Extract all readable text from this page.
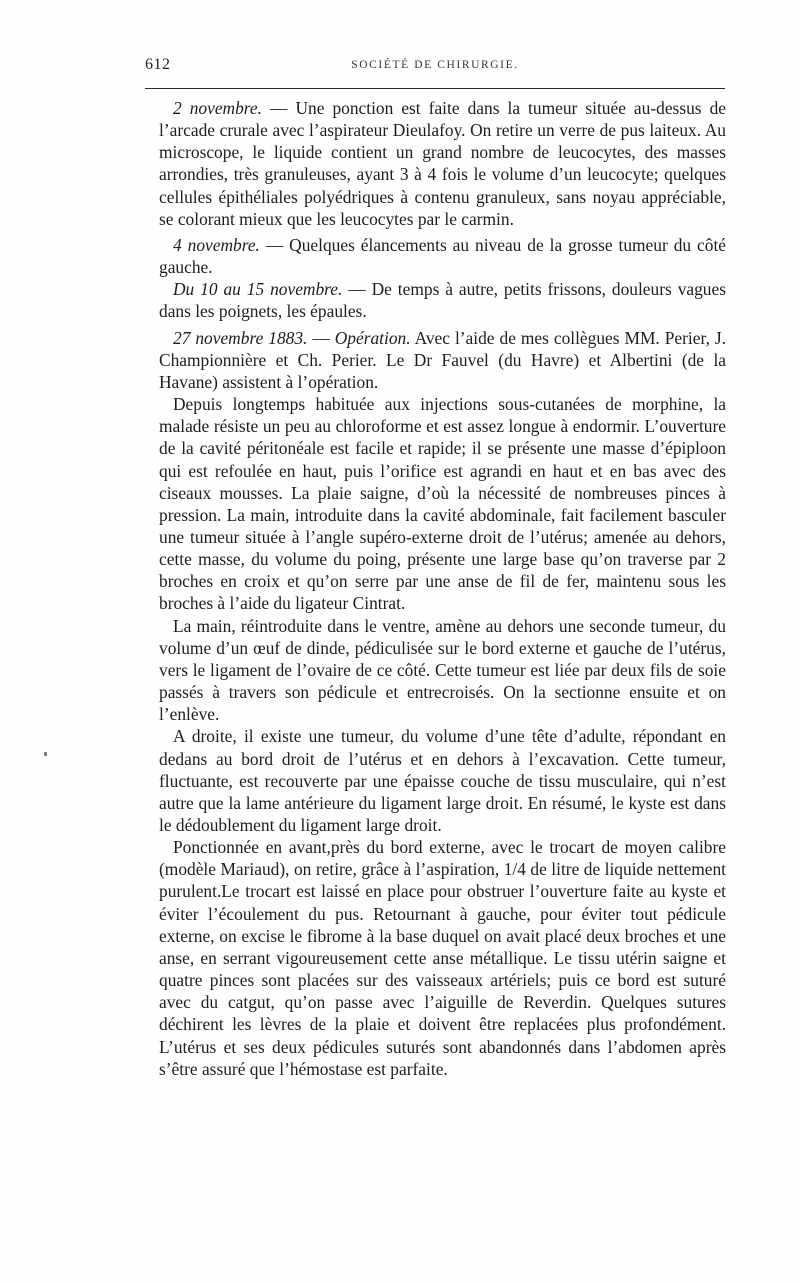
612	SOCIÉTÉ DE CHIRURGIE.

2 novembre. — Une ponction est faite dans la tumeur située au-dessus de l’arcade crurale avec l’aspirateur Dieulafoy. On retire un verre de pus laiteux. Au microscope, le liquide contient un grand nombre de leucocytes, des masses arrondies, très granuleuses, ayant 3 à 4 fois le volume d’un leucocyte; quelques cellules épithéliales polyédriques à contenu granuleux, sans noyau appréciable, se colorant mieux que les leucocytes par le carmin.

4 novembre. — Quelques élancements au niveau de la grosse tumeur du côté gauche.

Du 10 au 15 novembre. — De temps à autre, petits frissons, douleurs vagues dans les poignets, les épaules.

27 novembre 1883. — Opération. Avec l’aide de mes collègues MM. Perier, J. Championnière et Ch. Perier. Le Dr Fauvel (du Havre) et Albertini (de la Havane) assistent à l’opération.

Depuis longtemps habituée aux injections sous-cutanées de morphine, la malade résiste un peu au chloroforme et est assez longue à endormir. L’ouverture de la cavité péritonéale est facile et rapide; il se présente une masse d’épiploon qui est refoulée en haut, puis l’orifice est agrandi en haut et en bas avec des ciseaux mousses. La plaie saigne, d’où la nécessité de nombreuses pinces à pression. La main, introduite dans la cavité abdominale, fait facilement basculer une tumeur située à l’angle supéro-externe droit de l’utérus; amenée au dehors, cette masse, du volume du poing, présente une large base qu’on traverse par 2 broches en croix et qu’on serre par une anse de fil de fer, maintenu sous les broches à l’aide du ligateur Cintrat.

La main, réintroduite dans le ventre, amène au dehors une seconde tumeur, du volume d’un œuf de dinde, pédiculisée sur le bord externe et gauche de l’utérus, vers le ligament de l’ovaire de ce côté. Cette tumeur est liée par deux fils de soie passés à travers son pédicule et entrecroisés. On la sectionne ensuite et on l’enlève.

A droite, il existe une tumeur, du volume d’une tête d’adulte, répondant en dedans au bord droit de l’utérus et en dehors à l’excavation. Cette tumeur, fluctuante, est recouverte par une épaisse couche de tissu musculaire, qui n’est autre que la lame antérieure du ligament large droit. En résumé, le kyste est dans le dédoublement du ligament large droit.

Ponctionnée en avant,près du bord externe, avec le trocart de moyen calibre (modèle Mariaud), on retire, grâce à l’aspiration, 1/4 de litre de liquide nettement purulent.Le trocart est laissé en place pour obstruer l’ouverture faite au kyste et éviter l’écoulement du pus. Retournant à gauche, pour éviter tout pédicule externe, on excise le fibrome à la base duquel on avait placé deux broches et une anse, en serrant vigoureusement cette anse métallique. Le tissu utérin saigne et quatre pinces sont placées sur des vaisseaux artériels; puis ce bord est suturé avec du catgut, qu’on passe avec l’aiguille de Reverdin. Quelques sutures déchirent les lèvres de la plaie et doivent être replacées plus profondément. L’utérus et ses deux pédicules suturés sont abandonnés dans l’abdomen après s’être assuré que l’hémostase est parfaite.
